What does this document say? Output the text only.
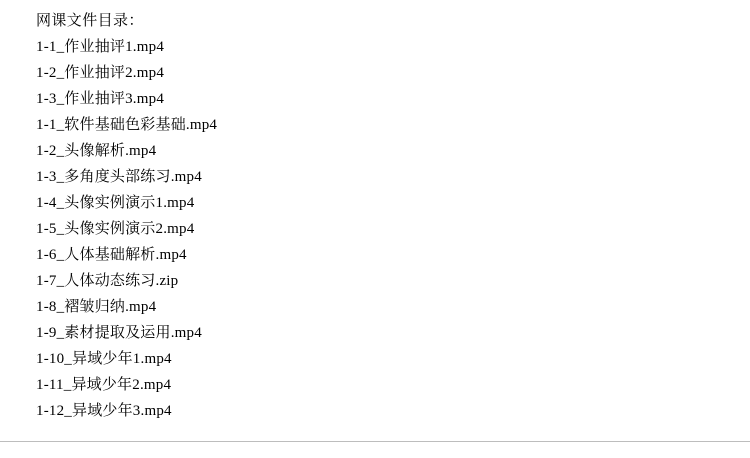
网课文件目录：
1-1_作业抽评1.mp4
1-2_作业抽评2.mp4
1-3_作业抽评3.mp4
1-1_软件基础色彩基础.mp4
1-2_头像解析.mp4
1-3_多角度头部练习.mp4
1-4_头像实例演示1.mp4
1-5_头像实例演示2.mp4
1-6_人体基础解析.mp4
1-7_人体动态练习.zip
1-8_褶皱归纳.mp4
1-9_素材提取及运用.mp4
1-10_异域少年1.mp4
1-11_异域少年2.mp4
1-12_异域少年3.mp4
